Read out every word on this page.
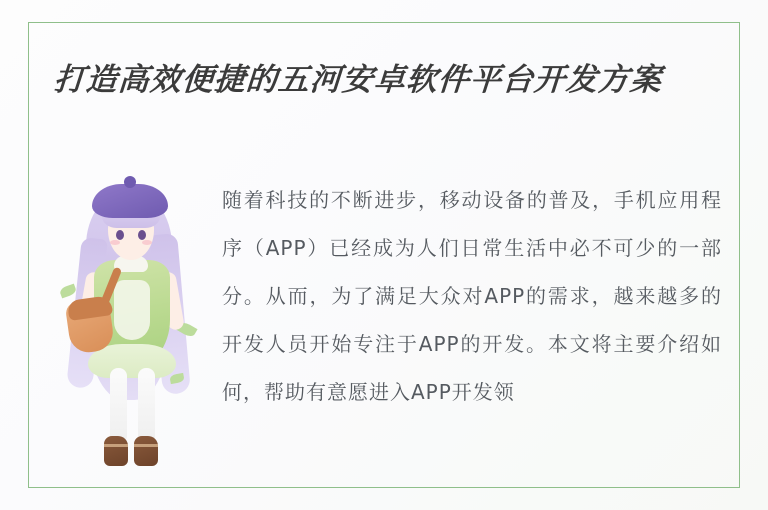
打造高效便捷的五河安卓软件平台开发方案
随着科技的不断进步，移动设备的普及，手机应用程序（APP）已经成为人们日常生活中必不可少的一部分。从而，为了满足大众对APP的需求，越来越多的开发人员开始专注于APP的开发。本文将主要介绍如何，帮助有意愿进入APP开发领
